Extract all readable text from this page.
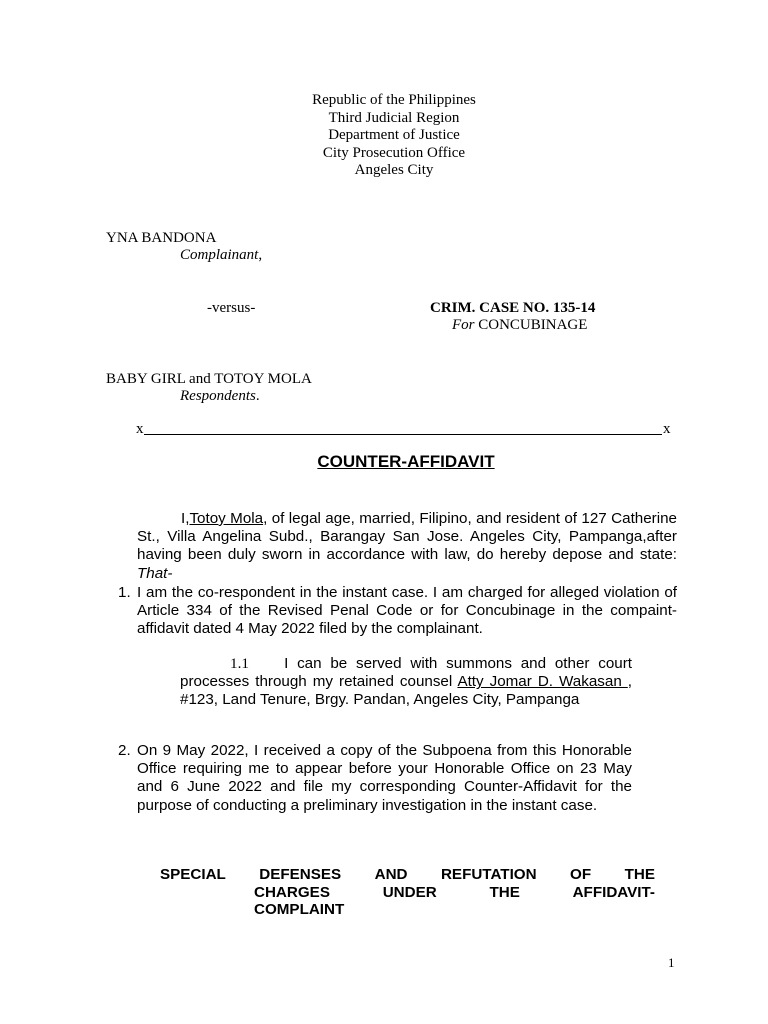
Republic of the Philippines
Third Judicial Region
Department of Justice
City Prosecution Office
Angeles City
YNA BANDONA
Complainant,
-versus-	CRIM. CASE NO. 135-14
For CONCUBINAGE
BABY GIRL and TOTOY MOLA
Respondents.
x	x
COUNTER-AFFIDAVIT
I,Totoy Mola, of legal age, married, Filipino, and resident of 127 Catherine St., Villa Angelina Subd., Barangay San Jose. Angeles City, Pampanga,after having been duly sworn in accordance with law, do hereby depose and state: That-
1. I am the co-respondent in the instant case. I am charged for alleged violation of Article 334 of the Revised Penal Code or for Concubinage in the compaint-affidavit dated 4 May 2022 filed by the complainant.
1.1 I can be served with summons and other court processes through my retained counsel Atty Jomar D. Wakasan , #123, Land Tenure, Brgy. Pandan, Angeles City, Pampanga
2. On 9 May 2022, I received a copy of the Subpoena from this Honorable Office requiring me to appear before your Honorable Office on 23 May and 6 June 2022 and file my corresponding Counter-Affidavit for the purpose of conducting a preliminary investigation in the instant case.
SPECIAL DEFENSES AND REFUTATION OF THE
CHARGES	UNDER	THE	AFFIDAVIT-
COMPLAINT
1
